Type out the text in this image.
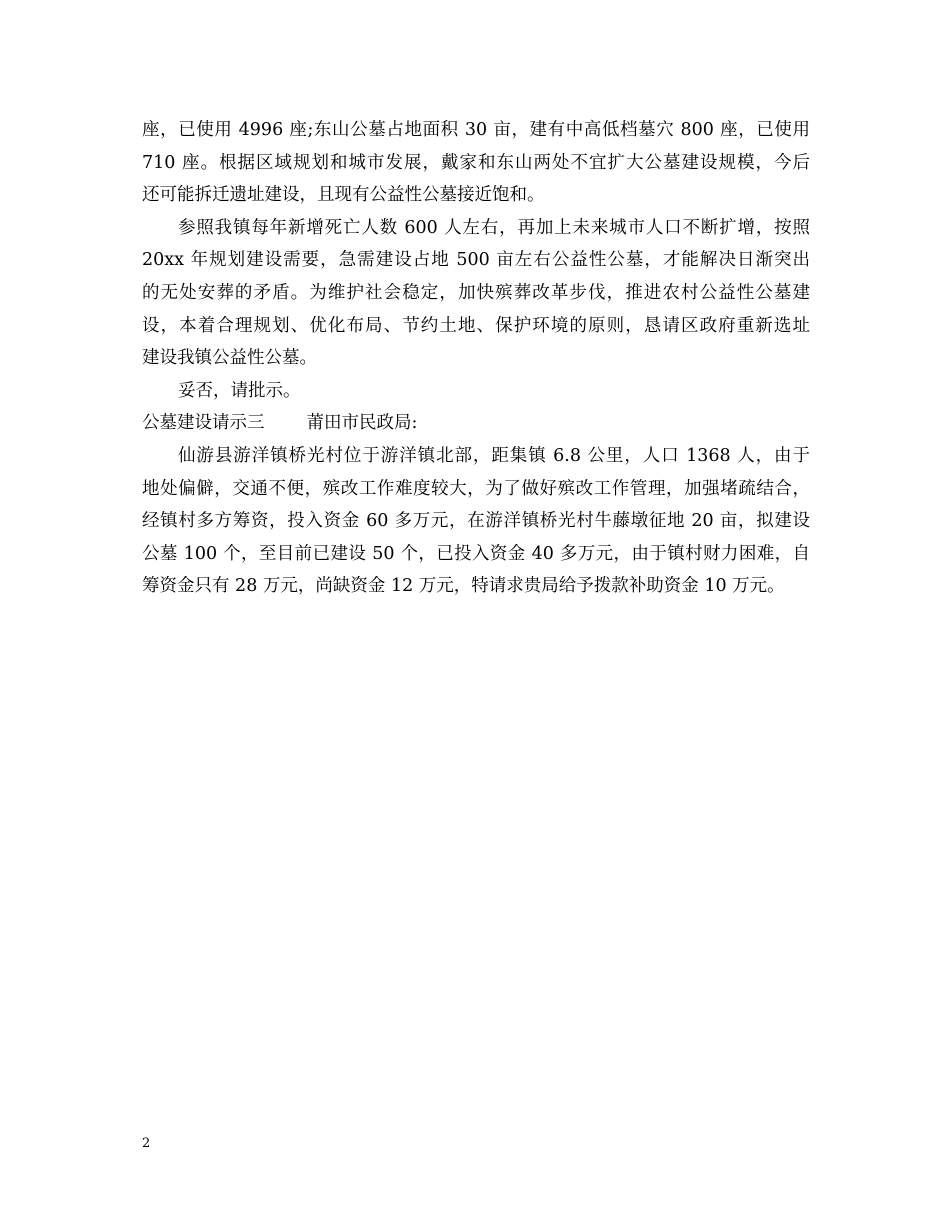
座，已使用 4996 座;东山公墓占地面积 30 亩，建有中高低档墓穴 800 座，已使用
710 座。根据区域规划和城市发展，戴家和东山两处不宜扩大公墓建设规模，今后
还可能拆迁遗址建设，且现有公益性公墓接近饱和。
参照我镇每年新增死亡人数 600 人左右，再加上未来城市人口不断扩增，按照
20xx 年规划建设需要，急需建设占地 500 亩左右公益性公墓，才能解决日渐突出
的无处安葬的矛盾。为维护社会稳定，加快殡葬改革步伐，推进农村公益性公墓建
设，本着合理规划、优化布局、节约土地、保护环境的原则，恳请区政府重新选址
建设我镇公益性公墓。
妥否，请批示。
公墓建设请示三 莆田市民政局:
仙游县游洋镇桥光村位于游洋镇北部，距集镇 6.8 公里，人口 1368 人，由于
地处偏僻，交通不便，殡改工作难度较大，为了做好殡改工作管理，加强堵疏结合，
经镇村多方筹资，投入资金 60 多万元，在游洋镇桥光村牛藤墩征地 20 亩，拟建设
公墓 100 个，至目前已建设 50 个，已投入资金 40 多万元，由于镇村财力困难，自
筹资金只有 28 万元，尚缺资金 12 万元，特请求贵局给予拨款补助资金 10 万元。
2
